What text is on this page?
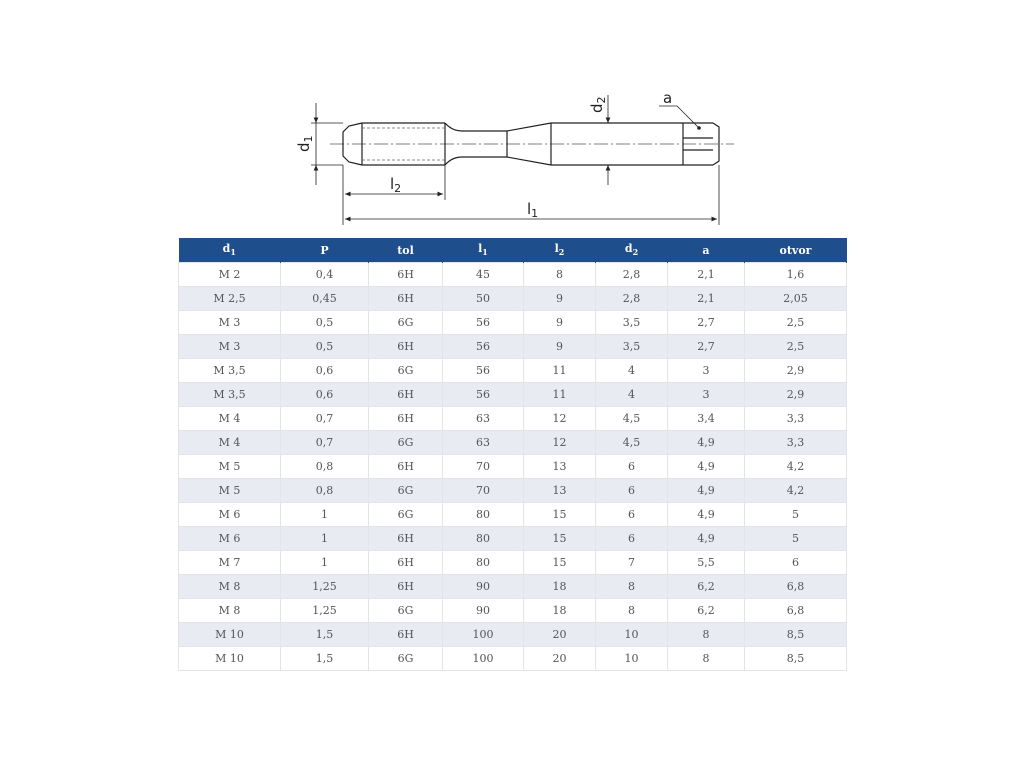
$d_1$
$d_2$	a
$l_2$
$l_1$
$d_1$	P	tol	$l_1$	$l_2$	$d_2$	a	otvor
M 2	0,4	6H	45	8	2,8	2,1	1,6
M 2,5	0,45	6H	50	9	2,8	2,1	2,05
M 3	0,5	6G	56	9	3,5	2,7	2,5
M 3	0,5	6H	56	9	3,5	2,7	2,5
M 3,5	0,6	6G	56	11	4	3	2,9
M 3,5	0,6	6H	56	11	4	3	2,9
M 4	0,7	6H	63	12	4,5	3,4	3,3
M 4	0,7	6G	63	12	4,5	4,9	3,3
M 5	0,8	6H	70	13	6	4,9	4,2
M 5	0,8	6G	70	13	6	4,9	4,2
M 6	1	6G	80	15	6	4,9	5
M 6	1	6H	80	15	6	4,9	5
M 7	1	6H	80	15	7	5,5	6
M 8	1,25	6H	90	18	8	6,2	6,8
M 8	1,25	6G	90	18	8	6,2	6,8
M 10	1,5	6H	100	20	10	8	8,5
M 10	1,5	6G	100	20	10	8	8,5
